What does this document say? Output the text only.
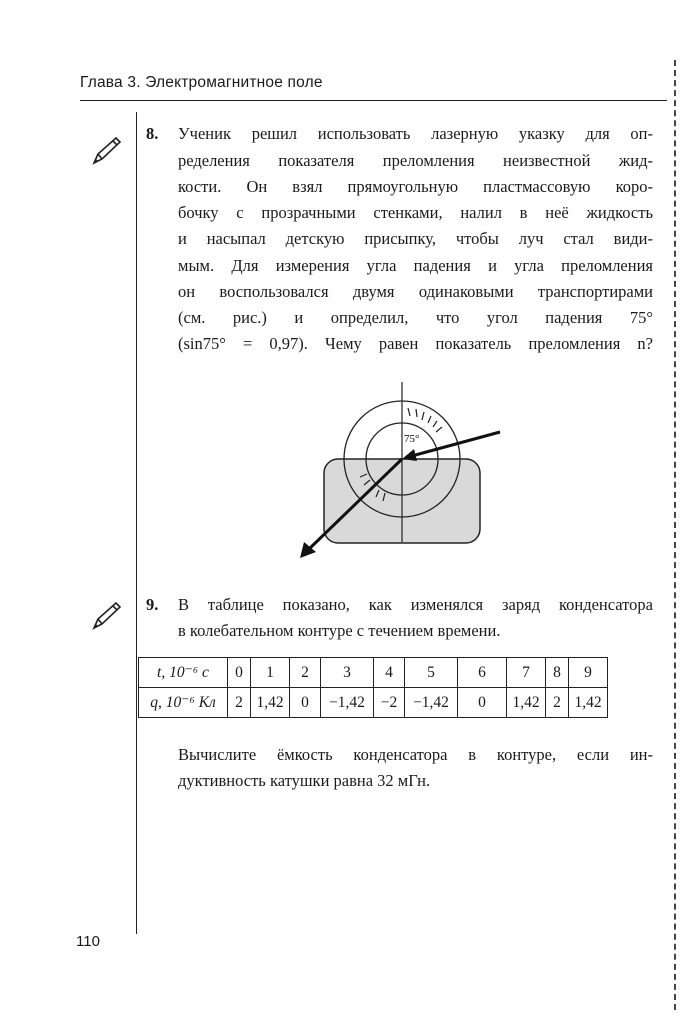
Глава 3. Электромагнитное поле
8. Ученик решил использовать лазерную указку для оп-
ределения показателя преломления неизвестной жид-
кости. Он взял прямоугольную пластмассовую коро-
бочку с прозрачными стенками, налил в неё жидкость
и насыпал детскую присыпку, чтобы луч стал види-
мым. Для измерения угла падения и угла преломления
он воспользовался двумя одинаковыми транспортирами
(см. рис.) и определил, что угол падения 75°
(sin75° = 0,97). Чему равен показатель преломления n?
75°
9. В таблице показано, как изменялся заряд конденсатора
в колебательном контуре с течением времени.
t, 10⁻⁶ с	0	1	2	3	4	5	6	7	8	9
q, 10⁻⁶ Кл	2	1,42	0	−1,42	−2	−1,42	0	1,42	2	1,42
Вычислите ёмкость конденсатора в контуре, если ин-
дуктивность катушки равна 32 мГн.
110
